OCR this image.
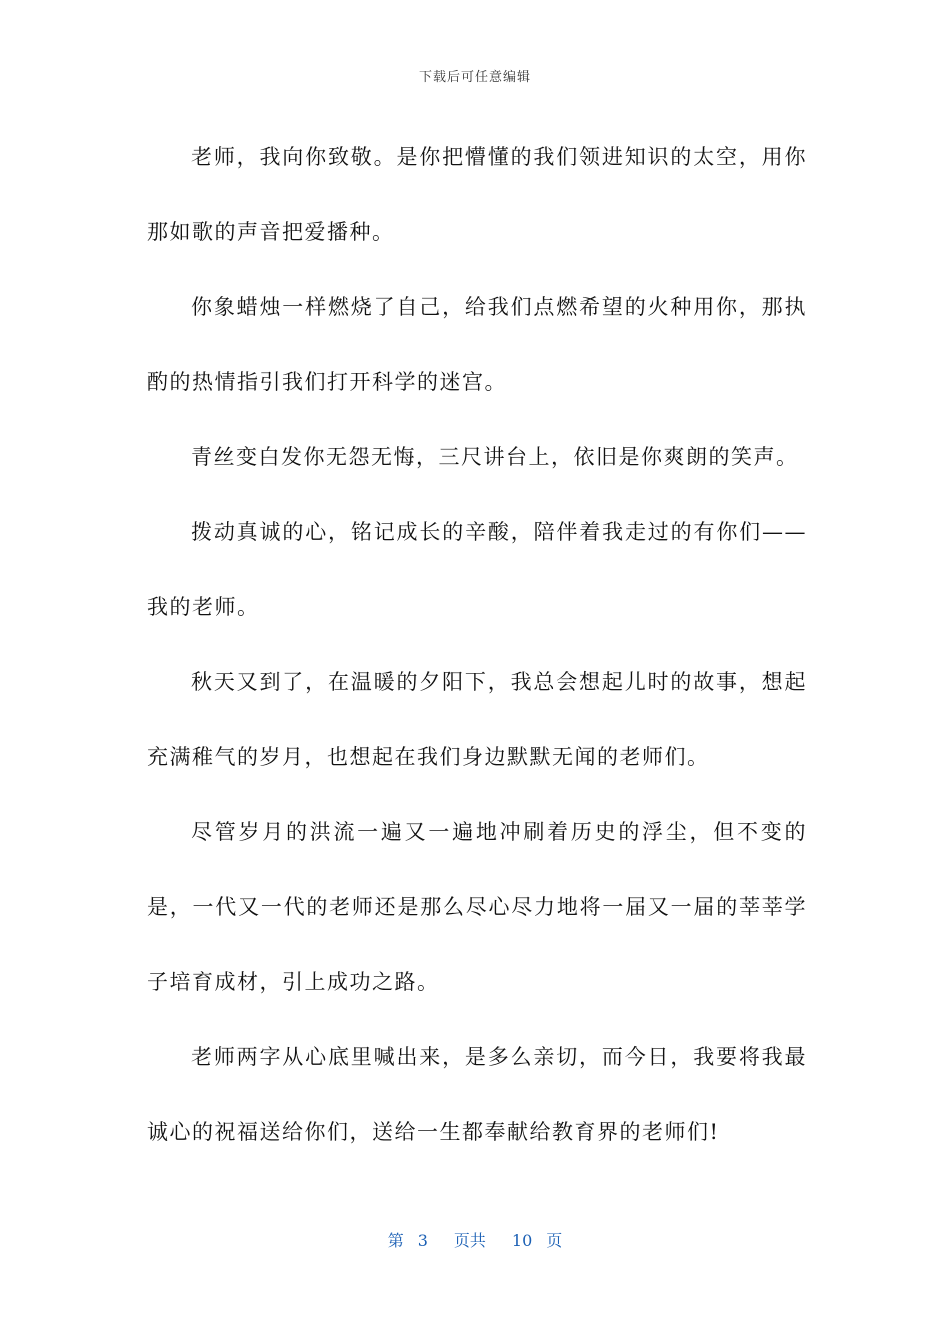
下载后可任意编辑

老师，我向你致敬。是你把懵懂的我们领进知识的太空，用你那如歌的声音把爱播种。

你象蜡烛一样燃烧了自己，给我们点燃希望的火种用你，那执酌的热情指引我们打开科学的迷宫。

青丝变白发你无怨无悔，三尺讲台上，依旧是你爽朗的笑声。

拨动真诚的心，铭记成长的辛酸，陪伴着我走过的有你们——我的老师。

秋天又到了，在温暖的夕阳下，我总会想起儿时的故事，想起充满稚气的岁月，也想起在我们身边默默无闻的老师们。

尽管岁月的洪流一遍又一遍地冲刷着历史的浮尘，但不变的是，一代又一代的老师还是那么尽心尽力地将一届又一届的莘莘学子培育成材，引上成功之路。

老师两字从心底里喊出来，是多么亲切，而今日，我要将我最诚心的祝福送给你们，送给一生都奉献给教育界的老师们!

第 3 页共 10 页
